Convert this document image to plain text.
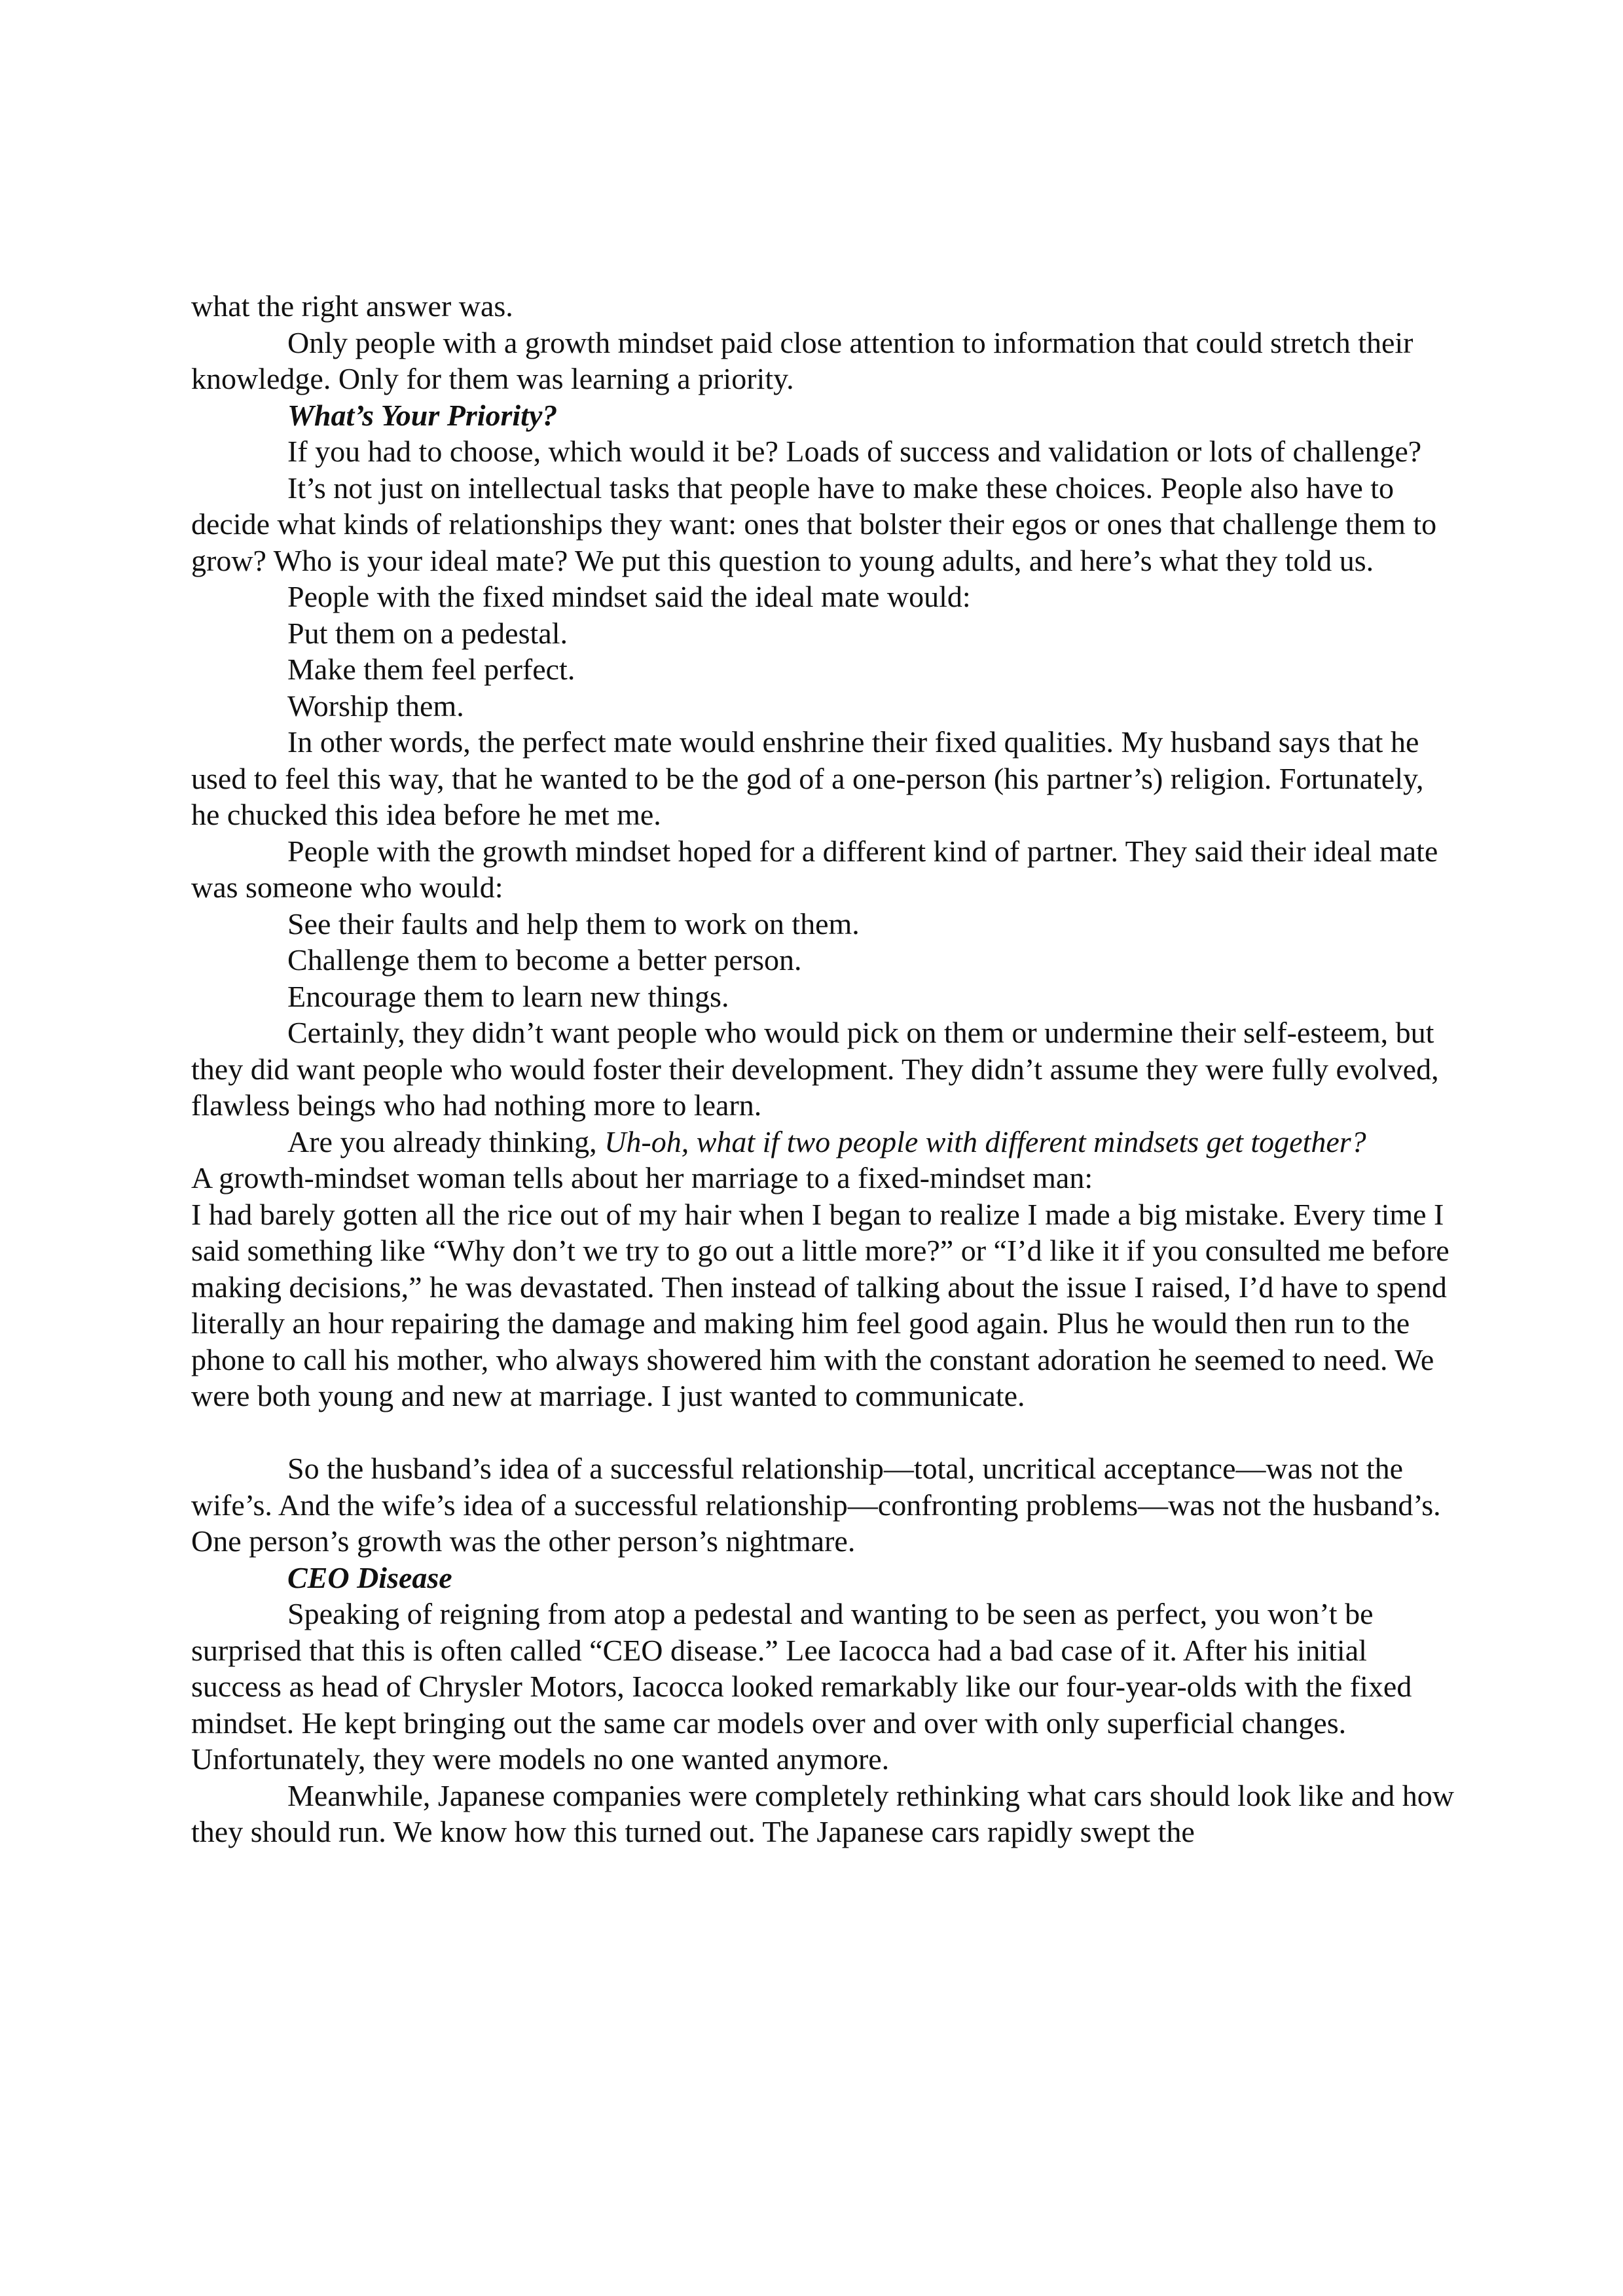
what the right answer was.

Only people with a growth mindset paid close attention to information that could stretch their knowledge. Only for them was learning a priority.

What’s Your Priority?

If you had to choose, which would it be? Loads of success and validation or lots of challenge?

It’s not just on intellectual tasks that people have to make these choices. People also have to decide what kinds of relationships they want: ones that bolster their egos or ones that challenge them to grow? Who is your ideal mate? We put this question to young adults, and here’s what they told us.

People with the fixed mindset said the ideal mate would:

Put them on a pedestal.

Make them feel perfect.

Worship them.

In other words, the perfect mate would enshrine their fixed qualities. My husband says that he used to feel this way, that he wanted to be the god of a one-person (his partner’s) religion. Fortunately, he chucked this idea before he met me.

People with the growth mindset hoped for a different kind of partner. They said their ideal mate was someone who would:

See their faults and help them to work on them.

Challenge them to become a better person.

Encourage them to learn new things.

Certainly, they didn’t want people who would pick on them or undermine their self-esteem, but they did want people who would foster their development. They didn’t assume they were fully evolved, flawless beings who had nothing more to learn.

Are you already thinking, Uh-oh, what if two people with different mindsets get together?

A growth-mindset woman tells about her marriage to a fixed-mindset man:

I had barely gotten all the rice out of my hair when I began to realize I made a big mistake. Every time I said something like “Why don’t we try to go out a little more?” or “I’d like it if you consulted me before making decisions,” he was devastated. Then instead of talking about the issue I raised, I’d have to spend literally an hour repairing the damage and making him feel good again. Plus he would then run to the phone to call his mother, who always showered him with the constant adoration he seemed to need. We were both young and new at marriage. I just wanted to communicate.

So the husband’s idea of a successful relationship—total, uncritical acceptance—was not the wife’s. And the wife’s idea of a successful relationship—confronting problems—was not the husband’s. One person’s growth was the other person’s nightmare.

CEO Disease

Speaking of reigning from atop a pedestal and wanting to be seen as perfect, you won’t be surprised that this is often called “CEO disease.” Lee Iacocca had a bad case of it. After his initial success as head of Chrysler Motors, Iacocca looked remarkably like our four-year-olds with the fixed mindset. He kept bringing out the same car models over and over with only superficial changes. Unfortunately, they were models no one wanted anymore.

Meanwhile, Japanese companies were completely rethinking what cars should look like and how they should run. We know how this turned out. The Japanese cars rapidly swept the
